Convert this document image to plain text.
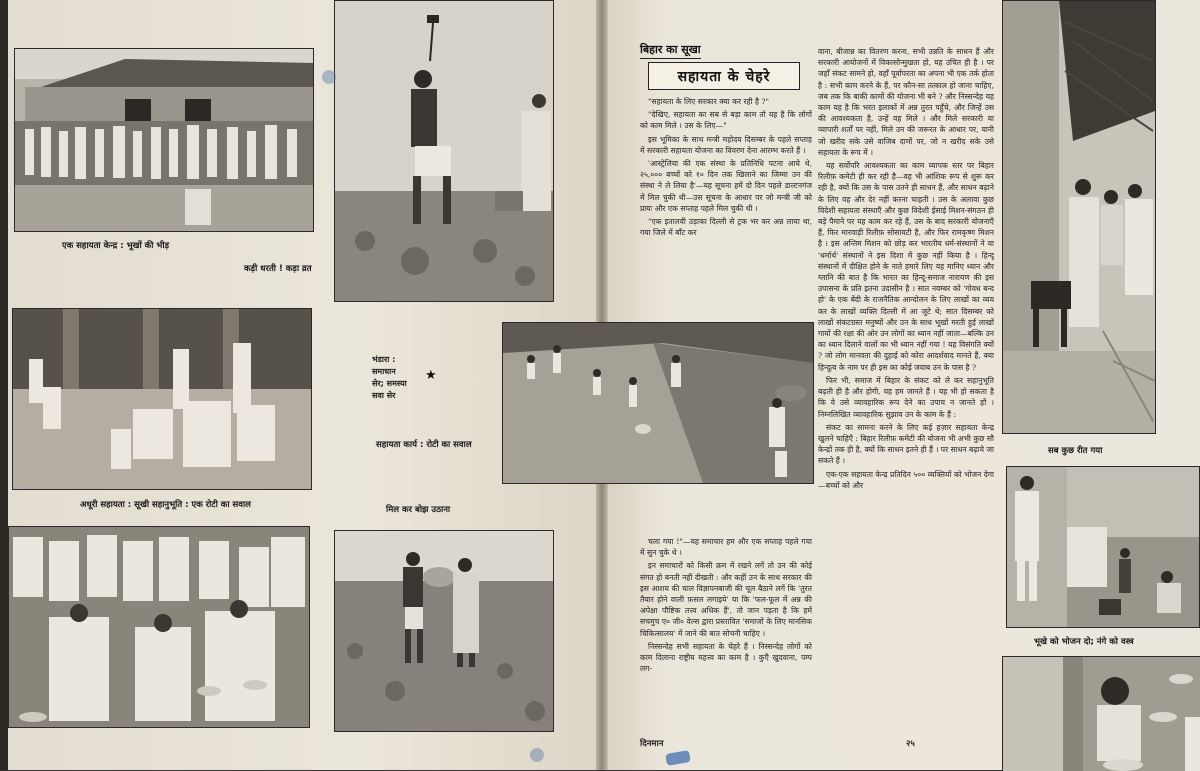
एक सहायता केन्द्र : भूखों की भीड़
कड़ी धरती ! कड़ा व्रत
अधूरी सहायता : सूखी सहानुभूति : एक रोटी का सवाल	मिल कर बोझ उठाना
सहायता कार्य : रोटी का सवाल
सब कुछ रीत गया
भूखे को भोजन दो; नंगे को वस्त्र
भंडारा :
समाधान
सेर; समस्या
सवा सेर
★
बिहार का सूखा
सहायता के चेहरे

"सहायता के लिए सरकार क्या कर रही है ?"

"देखिए, सहायता का सब से बड़ा काम तो यह है कि लोगों को काम मिले । उस के लिए—"

इस भूमिका के साथ मन्त्री महोदय दिसम्बर के पहले सप्ताह में सरकारी सहायता योजना का विवरण देना आरम्भ करते हैं ।

'आस्ट्रेलिया की एक संस्था के प्रतिनिधि पटना आये थे, २५,००० बच्चों को १० दिन तक खिलाने का जिम्मा उन की संस्था ने ले लिया है'—यह सूचना हमें दो दिन पहले डाल्टनगंज में मिल चुकी थी—उस सूचना के आधार पर जो मन्त्री जी को प्रायः और एक सप्ताह पहले मिल चुकी थी ।

"एक इतालवी उड़ाका दिल्ली से ट्रक भर कर अन्न लाया था, गया जिले में बाँट कर

चला गया !"—यह समाचार हम और एक सप्ताह पहले गया में सुन चुके थे ।

इन समाचारों को किसी क्रम में रखने लगें तो उन की कोई संगत हो बनती नहीं दीखती : और कहीं उन के साथ सरकार की इस आशय की चाल विज्ञापनबाजी की चूल बैठाने लगें कि 'तुरत तैयार होने वाली फ़सल लगाइये' या कि 'फल-फूल में अन्न की अपेक्षा पौष्टिक तत्त्व अधिक हैं', तो जान पड़ता है कि हमें सचमुच ए० जी० वेल्स द्वारा प्रस्तावित 'समाजों के लिए मानसिक चिकित्सालय' में जाने की बात सोचनी चाहिए ।

निस्सन्देह सभी सहायता के चेहरे हैं । निस्सन्देह लोगों को काम दिलाना राष्ट्रीय महत्त्व का काम है । कुएँ खुदवाना, पम्प लग-

वाना, बीजान्न का वितरण करना, सभी उन्नति के साधन हैं और सरकारी आयोजनों में विकासोन्मुखता हो, यह उचित ही है । पर जहाँ संकट सामने हो, वहाँ पूर्वापरता का अपना भी एक तर्क होता है : सभी काम करने के हैं, पर कौन-सा तत्काल हो जाना चाहिए, जब तक कि बाकी कामों की योजना भी बने ? और निस्सन्देह यह काम यह है कि भरत इलाकों में अन्न तुरत पहुँचे, और जिन्हें उस की आवश्यकता है, उन्हें वह मिले । और मिले सरकारी या व्यापारी शर्तों पर नहीं, मिले उन की जरूरत के आधार पर, यानी जो खरीद सके उसे वाजिब दामों पर, जो न खरीद सके उसे सहायता के रूप में ।

यह सर्वोपरि आवश्यकता का काम व्यापक स्तर पर बिहार रिलीफ़ कमेटी ही कर रही है—वह भी आंशिक रूप से शुरू कर रही है, क्यों कि उस के पास उतने ही साधन हैं, और साधन बढ़ाने के लिए वह और देर नहीं करना चाहती । उस के अलावा कुछ विदेशी सहायता संस्थाएँ और कुछ विदेशी ईसाई मिशन-संगठन ही बड़े पैमाने पर यह काम कर रहे हैं, उस के बाद सरकारी योजनाएँ हैं, फिर मारवाड़ी रिलीफ़ सोसायटी है, और फिर रामकृष्ण मिशन है । इस अन्तिम मिशन को छोड़ कर भारतीय धर्म-संस्थानों ने या 'धर्मार्थ' संस्थानों ने इस दिशा में कुछ नहीं किया है । हिन्दू संस्थानों में दीक्षित होने के नाते हमारे लिए यह मानिए ध्यान और ग्लानि की बात है कि भारत का हिन्दू-समाज नारायण की इस उपासना के प्रति इतना उदासीन है । सात नवम्बर को 'गोवध बन्द हो' के एक बेंदी के राजनैतिक आन्दोलन के लिए लाखों का व्यय कर के लाखों व्यक्ति दिल्ली में आ जुटे थे; सात दिसम्बर को लाखों संकटग्रस्त मनुष्यों और उन के साथ भूखों मरती हुई लाखों गायों की रक्षा की ओर उन लोगों का ध्यान नहीं जाता—बल्कि उन का ध्यान दिलाने वालों का भी ध्यान नहीं गया ! यह विसंगति क्यों ? जो लोग मानवता की दुहाई को कोरा आदर्शवाद मानते हैं, क्या हिन्दुत्व के नाम पर ही इस का कोई जवाब उन के पास है ?

फिर भी, समाज में बिहार के संकट को ले कर सहानुभूति बढ़ती ही है और होगी, यह हम जानते हैं । यह भी हो सकता है कि वे उसे व्यावहारिक रूप देने का उपाय न जानते हों । निम्नलिखित व्यावहारिक सुझाव उन के काम के हैं :

संकट का सामना करने के लिए कई हज़ार सहायता केन्द्र खुलने चाहिएँ : बिहार रिलीफ़ कमेटी की योजना भी अभी कुछ सौ केन्द्रों तक ही है, क्यों कि साधन इतने ही हैं । पर साधन बढ़ाये जा सकते हैं ।

एक-एक सहायता केन्द्र प्रतिदिन ५०० व्यक्तियों को भोजन देगा—बच्चों को और

दिनमान	२५
